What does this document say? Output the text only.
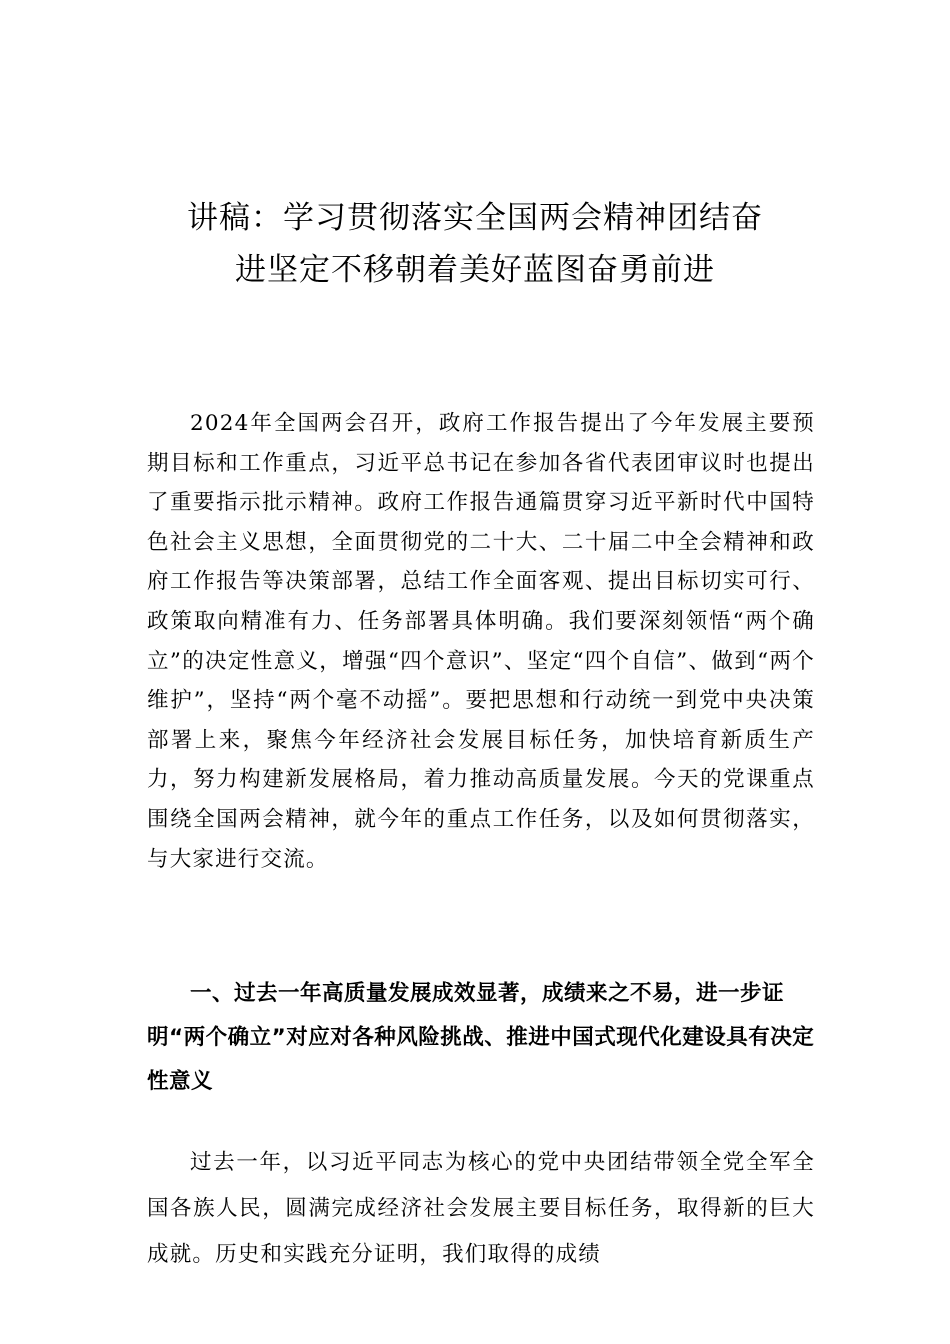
讲稿：学习贯彻落实全国两会精神团结奋
进坚定不移朝着美好蓝图奋勇前进

2024年全国两会召开，政府工作报告提出了今年发展主要预期目标和工作重点，习近平总书记在参加各省代表团审议时也提出了重要指示批示精神。政府工作报告通篇贯穿习近平新时代中国特色社会主义思想，全面贯彻党的二十大、二十届二中全会精神和政府工作报告等决策部署，总结工作全面客观、提出目标切实可行、政策取向精准有力、任务部署具体明确。我们要深刻领悟“两个确立”的决定性意义，增强“四个意识”、坚定“四个自信”、做到“两个维护”，坚持“两个毫不动摇”。要把思想和行动统一到党中央决策部署上来，聚焦今年经济社会发展目标任务，加快培育新质生产力，努力构建新发展格局，着力推动高质量发展。今天的党课重点围绕全国两会精神，就今年的重点工作任务，以及如何贯彻落实，与大家进行交流。

一、过去一年高质量发展成效显著，成绩来之不易，进一步证明“两个确立”对应对各种风险挑战、推进中国式现代化建设具有决定性意义

过去一年，以习近平同志为核心的党中央团结带领全党全军全国各族人民，圆满完成经济社会发展主要目标任务，取得新的巨大成就。历史和实践充分证明，我们取得的成绩
